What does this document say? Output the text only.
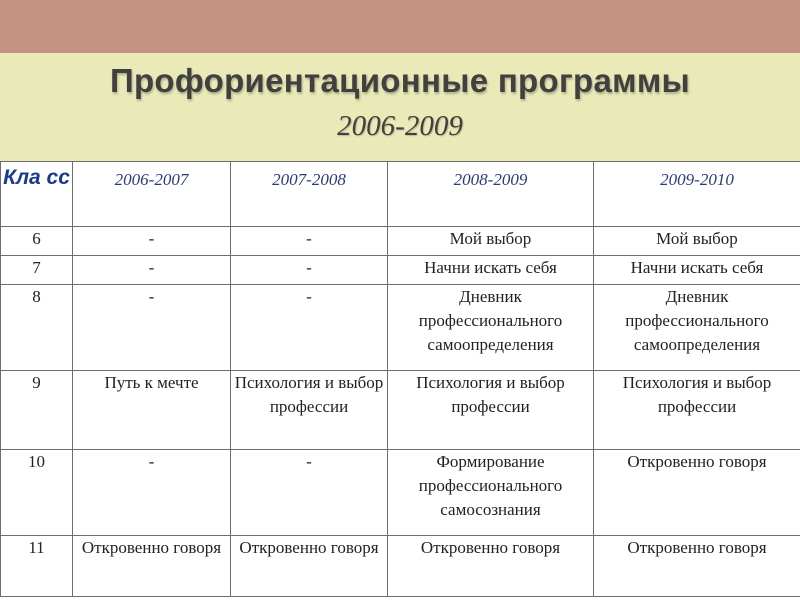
Профориентационные программы
2006-2009
Кла сс	2006-2007	2007-2008	2008-2009	2009-2010
6	-	-	Мой выбор	Мой выбор
7	-	-	Начни искать себя	Начни искать себя
8	-	-	Дневник профессионального самоопределения	Дневник профессионального самоопределения
9	Путь к мечте	Психология и выбор профессии	Психология и выбор профессии	Психология и выбор профессии
10	-	-	Формирование профессионального самосознания	Откровенно говоря
11	Откровенно говоря	Откровенно говоря	Откровенно говоря	Откровенно говоря
